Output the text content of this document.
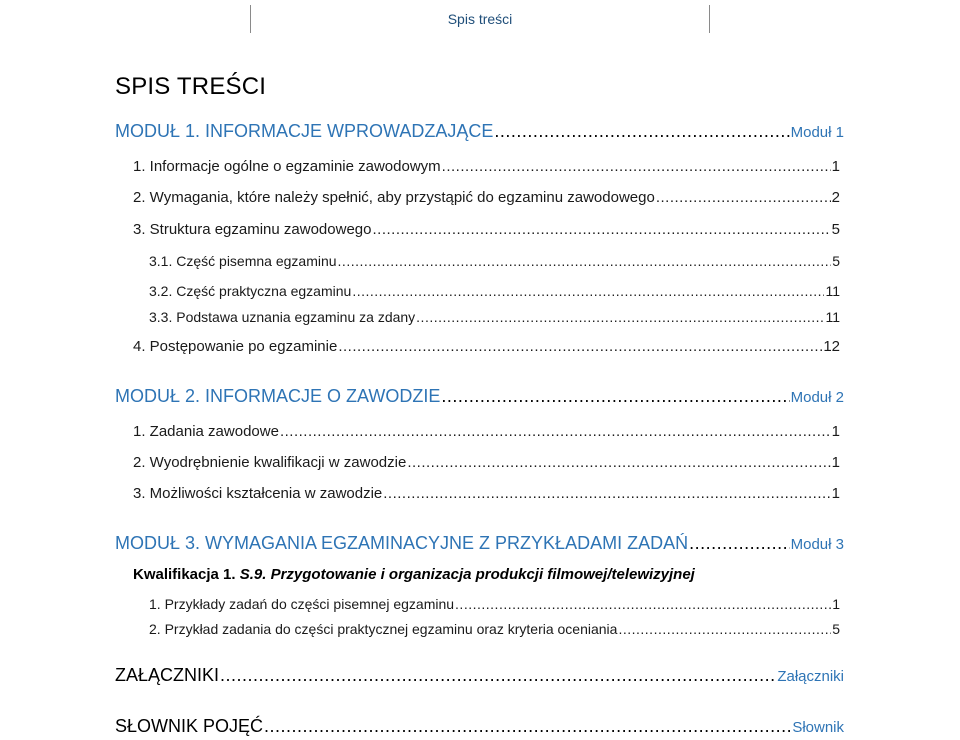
Spis treści
SPIS TREŚCI
MODUŁ 1. INFORMACJE WPROWADZAJĄCE .....	Moduł 1
1. Informacje ogólne o egzaminie zawodowym .....	1
2. Wymagania, które należy spełnić, aby przystąpić do egzaminu zawodowego .....	2
3. Struktura egzaminu zawodowego .....	5
3.1. Część pisemna egzaminu .....	5
3.2. Część praktyczna egzaminu .....	11
3.3. Podstawa uznania egzaminu za zdany .....	11
4. Postępowanie po egzaminie .....	12
MODUŁ 2. INFORMACJE O ZAWODZIE .....	Moduł 2
1. Zadania zawodowe .....	1
2. Wyodrębnienie kwalifikacji w zawodzie .....	1
3. Możliwości kształcenia w zawodzie .....	1
MODUŁ 3. WYMAGANIA EGZAMINACYJNE Z PRZYKŁADAMI ZADAŃ .....	Moduł 3
Kwalifikacja 1. S.9. Przygotowanie i organizacja produkcji filmowej/telewizyjnej
1. Przykłady zadań do części pisemnej egzaminu .....	1
2. Przykład zadania do części praktycznej egzaminu oraz kryteria oceniania .....	5
ZAŁĄCZNIKI .....	Załączniki
SŁOWNIK POJĘĆ .....	Słownik
